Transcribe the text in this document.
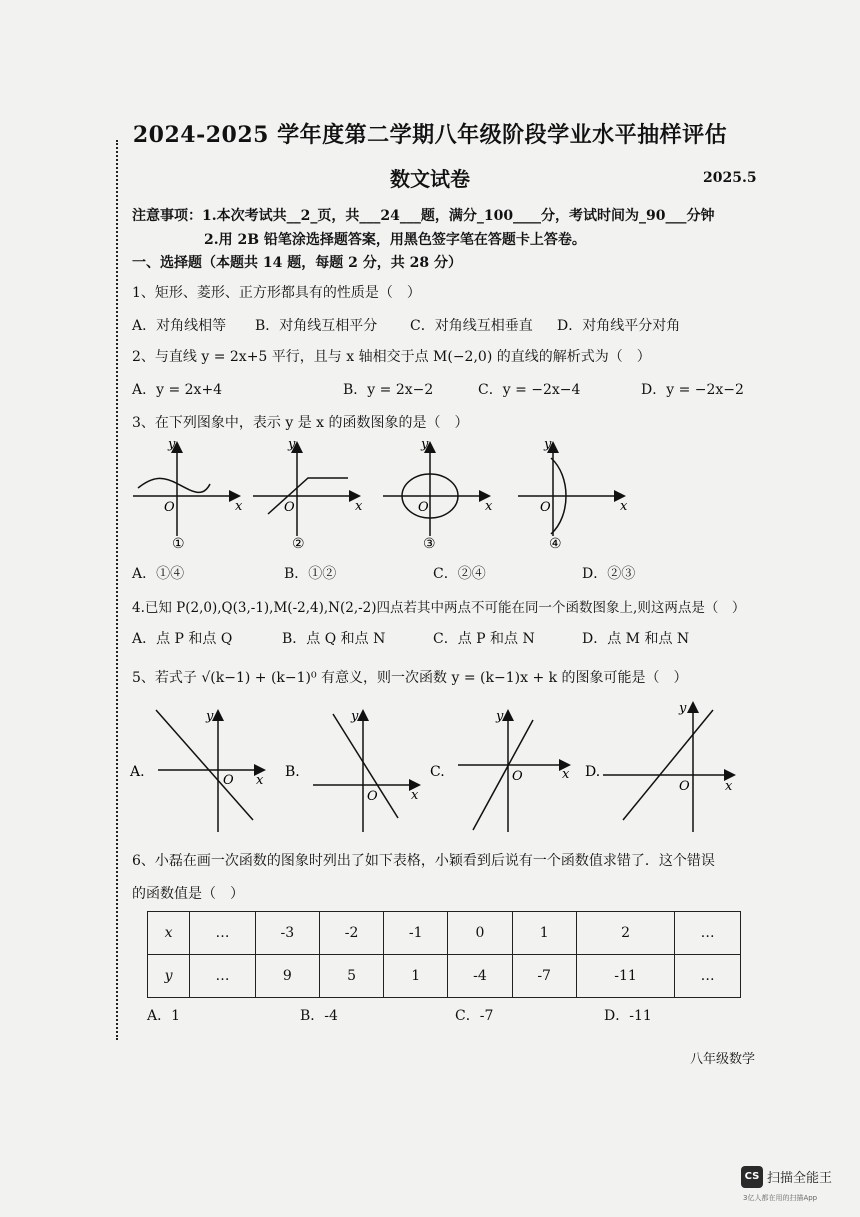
2024-2025 学年度第二学期八年级阶段学业水平抽样评估
数文试卷	2025.5
注意事项：1.本次考试共__2_页，共___24___题，满分_100____分，考试时间为_90___分钟
2.用 2B 铅笔涂选择题答案，用黑色签字笔在答题卡上答卷。
一、选择题（本题共 14 题，每题 2 分，共 28 分）
1、矩形、菱形、正方形都具有的性质是（　）
A．对角线相等 B．对角线互相平分 C．对角线互相垂直 D．对角线平分对角
2、与直线 y = 2x+5 平行，且与 x 轴相交于点 M(−2,0) 的直线的解析式为（　）
A．y = 2x+4	B．y = 2x−2	C．y = −2x−4	D．y = −2x−2
3、在下列图象中，表示 y 是 x 的函数图象的是（　）
y
O	x
①
y
O	x
②
y
O	x
③
y
O	x
④
A．①④	B．①②	C．②④	D．②③
4.已知 P(2,0),Q(3,-1),M(-2,4),N(2,-2)四点若其中两点不可能在同一个函数图象上,则这两点是（　）
A．点 P 和点 Q	B．点 Q 和点 N	C．点 P 和点 N	D．点 M 和点 N
5、若式子 √(k−1) + (k−1)⁰ 有意义，则一次函数 y = (k−1)x + k 的图象可能是（　）
A.
y
O x
B.
y
O	x
C.
y
O	x D.
y
O	x
6、小磊在画一次函数的图象时列出了如下表格，小颖看到后说有一个函数值求错了．这个错误
的函数值是（　）
x	…	-3	-2	-1	0	1	2	…
y	…	9	5	1	-4	-7	-11	…
A．1	B．-4	C．-7	D．-11
八年级数学
CS 扫描全能王
3亿人都在用的扫描App
